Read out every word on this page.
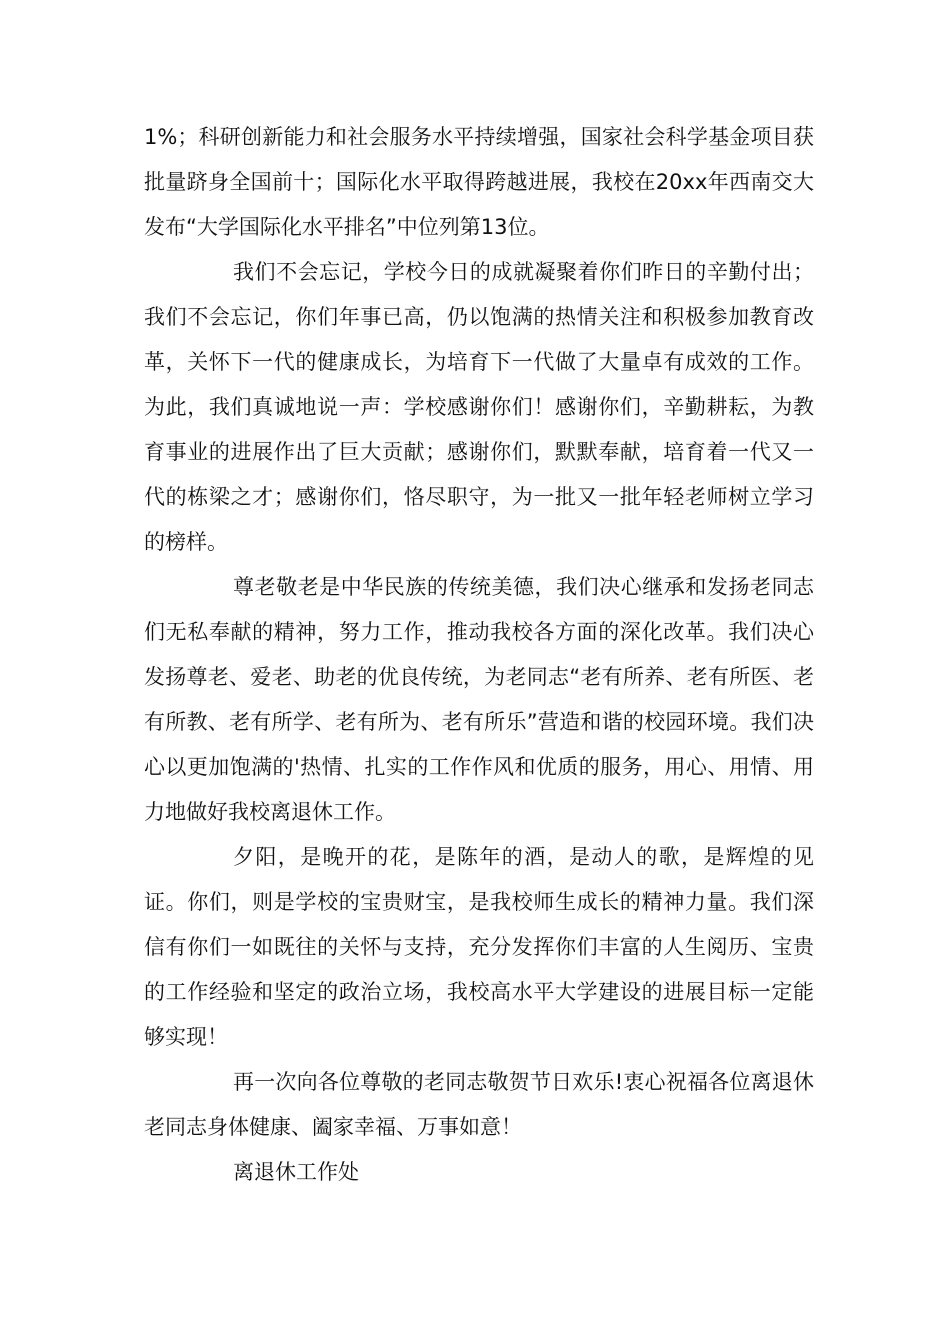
1%；科研创新能力和社会服务水平持续增强，国家社会科学基金项目获批量跻身全国前十；国际化水平取得跨越进展，我校在20xx年西南交大发布“大学国际化水平排名”中位列第13位。

我们不会忘记，学校今日的成就凝聚着你们昨日的辛勤付出；我们不会忘记，你们年事已高，仍以饱满的热情关注和积极参加教育改革，关怀下一代的健康成长，为培育下一代做了大量卓有成效的工作。为此，我们真诚地说一声：学校感谢你们！感谢你们，辛勤耕耘，为教育事业的进展作出了巨大贡献；感谢你们，默默奉献，培育着一代又一代的栋梁之才；感谢你们，恪尽职守，为一批又一批年轻老师树立学习的榜样。

尊老敬老是中华民族的传统美德，我们决心继承和发扬老同志们无私奉献的精神，努力工作，推动我校各方面的深化改革。我们决心发扬尊老、爱老、助老的优良传统，为老同志“老有所养、老有所医、老有所教、老有所学、老有所为、老有所乐”营造和谐的校园环境。我们决心以更加饱满的'热情、扎实的工作作风和优质的服务，用心、用情、用力地做好我校离退休工作。

夕阳，是晚开的花，是陈年的酒，是动人的歌，是辉煌的见证。你们，则是学校的宝贵财宝，是我校师生成长的精神力量。我们深信有你们一如既往的关怀与支持，充分发挥你们丰富的人生阅历、宝贵的工作经验和坚定的政治立场，我校高水平大学建设的进展目标一定能够实现！

再一次向各位尊敬的老同志敬贺节日欢乐!衷心祝福各位离退休老同志身体健康、阖家幸福、万事如意！

离退休工作处
